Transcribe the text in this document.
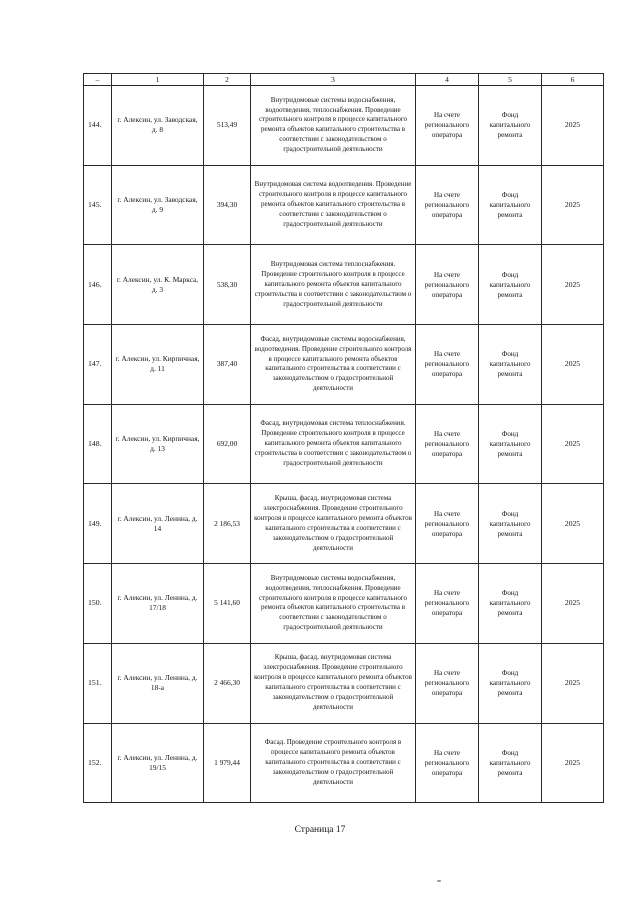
–	1	2	3	4	5	6
144.	г. Алексин, ул. Заводская, д. 8	513,49	Внутридомовые системы водоснабжения, водоотведения, теплоснабжения. Проведение строительного контроля в процессе капитального ремонта объектов капитального строительства в соответствии с законодательством о градостроительной деятельности	На счете регионального оператора	Фонд капитального ремонта	2025
145.	г. Алексин, ул. Заводская, д. 9	394,30	Внутридомовая система водоотведения. Проведение строительного контроля в процессе капитального ремонта объектов капитального строительства в соответствии с законодательством о градостроительной деятельности	На счете регионального оператора	Фонд капитального ремонта	2025
146.	г. Алексин, ул. К. Маркса, д. 3	538,30	Внутридомовая система теплоснабжения. Проведение строительного контроля в процессе капитального ремонта объектов капитального строительства в соответствии с законодательством о градостроительной деятельности	На счете регионального оператора	Фонд капитального ремонта	2025
147.	г. Алексин, ул. Кирпичная, д. 11	387,40	Фасад, внутридомовые системы водоснабжения, водоотведения. Проведение строительного контроля в процессе капитального ремонта объектов капитального строительства в соответствии с законодательством о градостроительной деятельности	На счете регионального оператора	Фонд капитального ремонта	2025
148.	г. Алексин, ул. Кирпичная, д. 13	692,00	Фасад, внутридомовая система теплоснабжения. Проведение строительного контроля в процессе капитального ремонта объектов капитального строительства в соответствии с законодательством о градостроительной деятельности	На счете регионального оператора	Фонд капитального ремонта	2025
149.	г. Алексин, ул. Ленина, д. 14	2 186,53	Крыша, фасад, внутридомовая система электроснабжения. Проведение строительного контроля в процессе капитального ремонта объектов капитального строительства в соответствии с законодательством о градостроительной деятельности	На счете регионального оператора	Фонд капитального ремонта	2025
150.	г. Алексин, ул. Ленина, д. 17/18	5 141,60	Внутридомовые системы водоснабжения, водоотведения, теплоснабжения. Проведение строительного контроля в процессе капитального ремонта объектов капитального строительства в соответствии с законодательством о градостроительной деятельности	На счете регионального оператора	Фонд капитального ремонта	2025
151.	г. Алексин, ул. Ленина, д. 18-а	2 466,30	Крыша, фасад, внутридомовая система электроснабжения. Проведение строительного контроля в процессе капитального ремонта объектов капитального строительства в соответствии с законодательством о градостроительной деятельности	На счете регионального оператора	Фонд капитального ремонта	2025
152.	г. Алексин, ул. Ленина, д. 19/15	1 979,44	Фасад. Проведение строительного контроля в процессе капитального ремонта объектов капитального строительства в соответствии с законодательством о градостроительной деятельности	На счете регионального оператора	Фонд капитального ремонта	2025
Страница 17
